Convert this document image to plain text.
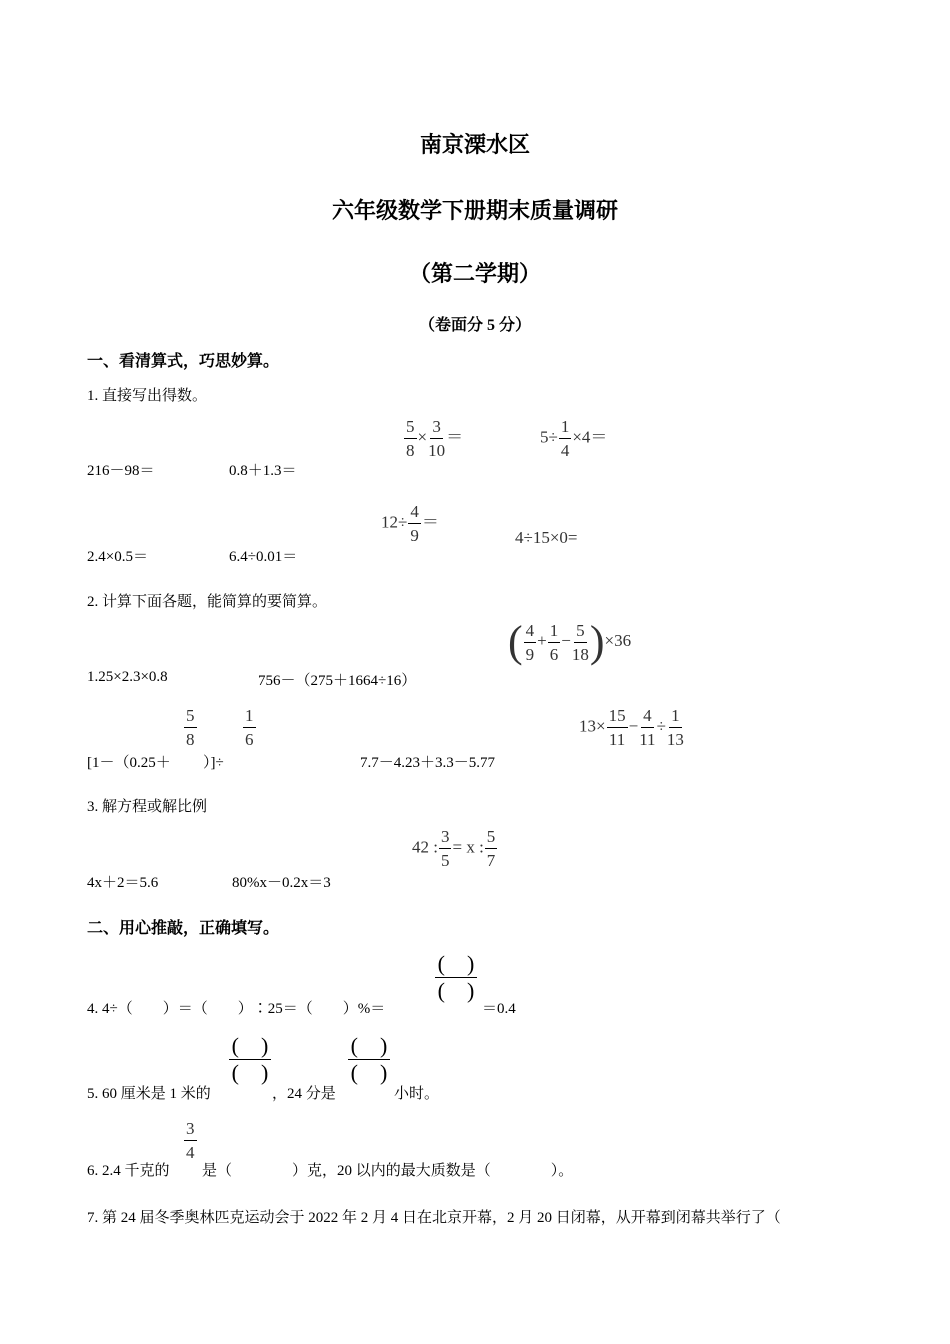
南京溧水区
六年级数学下册期末质量调研
（第二学期）
（卷面分 5 分）
一、看清算式，巧思妙算。
1. 直接写出得数。
$\frac{5}{8} \times \frac{3}{10}$ ＝	$5\div \frac{1}{4} \times 4=$
216－98＝	0.8＋1.3＝
$12\div \frac{4}{9}$ ＝
4÷15×0=
2.4×0.5＝	6.4÷0.01＝
2. 计算下面各题，能简算的要简算。
( $\frac{4}{9} + \frac{1}{6} - \frac{5}{18} )\times 36$
1.25×2.3×0.8	756－（275＋1664÷16）
$\frac{5}{8}$	$\frac{1}{6}$
[1－（0.25＋ ）]÷	7.7－4.23＋3.3－5.77
$13\times \frac{15}{11} - \frac{4}{11} \div \frac{1}{13}$
3. 解方程或解比例
42 : $\frac{3}{5} = x$ : $\frac{5}{7}$
4x＋2＝5.6	80%x－0.2x＝3
二、用心推敲，正确填写。
(　)
(　)
4. 4÷（　　）＝（　　）∶25＝（　　）%＝	＝0.4
(　)
(　)
(　)
(　)
5. 60 厘米是 1 米的	，24 分是	小时。
$\frac{3}{4}$
6. 2.4 千克的 是（　　　　）克，20 以内的最大质数是（　　　　）。
7. 第 24 届冬季奥林匹克运动会于 2022 年 2 月 4 日在北京开幕，2 月 20 日闭幕，从开幕到闭幕共举行了（
